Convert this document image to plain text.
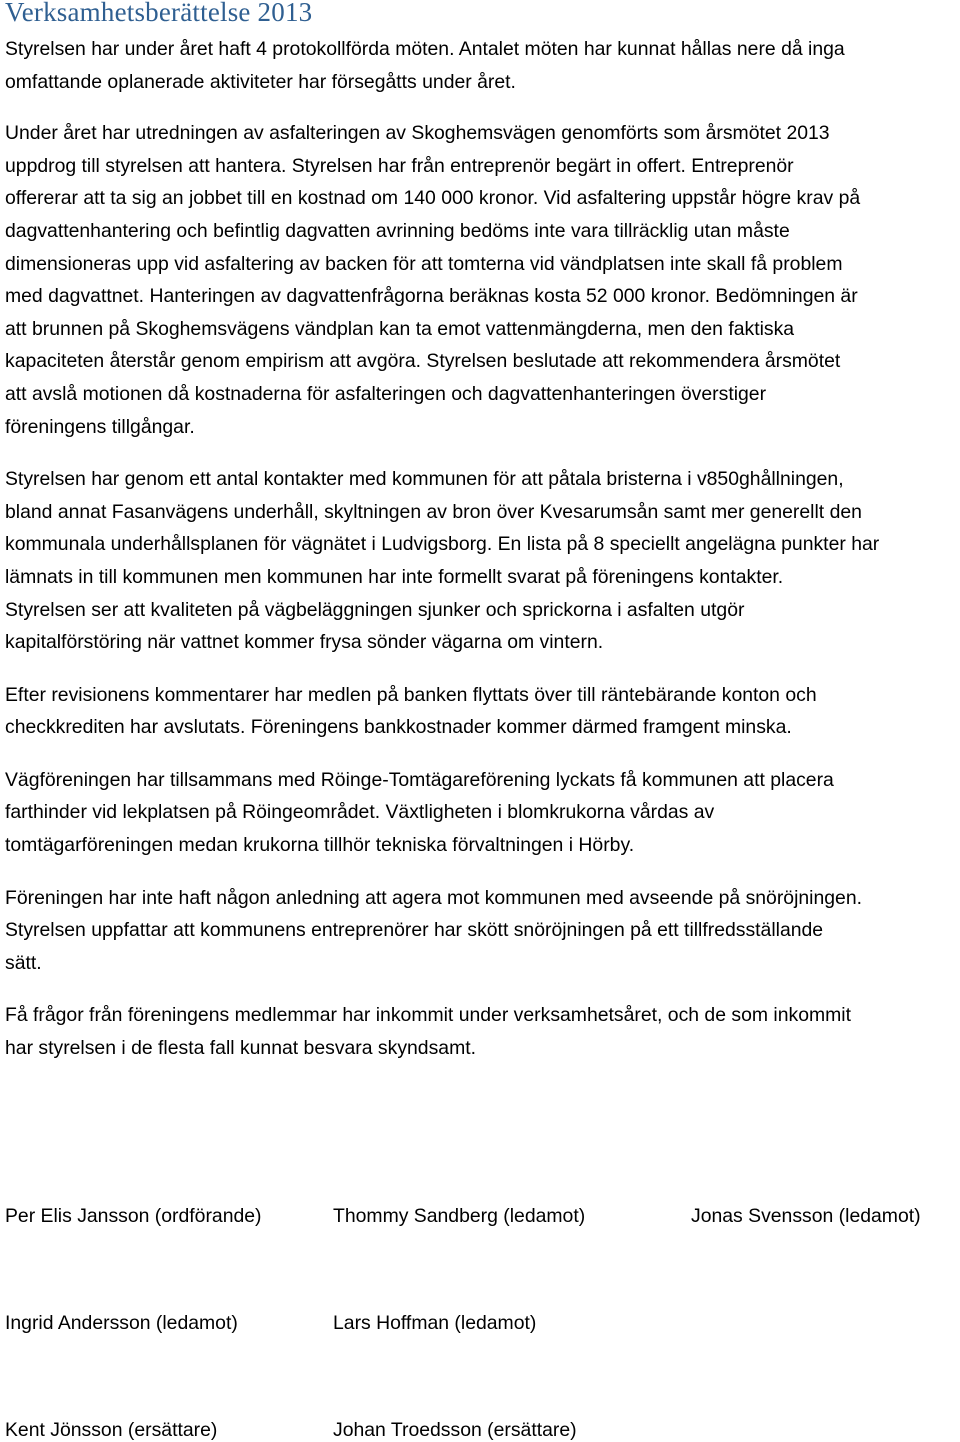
Verksamhetsberättelse 2013

Styrelsen har under året haft 4 protokollförda möten. Antalet möten har kunnat hållas nere då inga
omfattande oplanerade aktiviteter har försegåtts under året.

Under året har utredningen av asfalteringen av Skoghemsvägen genomförts som årsmötet 2013
uppdrog till styrelsen att hantera. Styrelsen har från entreprenör begärt in offert. Entreprenör
offererar att ta sig an jobbet till en kostnad om 140 000 kronor. Vid asfaltering uppstår högre krav på
dagvattenhantering och befintlig dagvatten avrinning bedöms inte vara tillräcklig utan måste
dimensioneras upp vid asfaltering av backen för att tomterna vid vändplatsen inte skall få problem
med dagvattnet. Hanteringen av dagvattenfrågorna beräknas kosta 52 000 kronor. Bedömningen är
att brunnen på Skoghemsvägens vändplan kan ta emot vattenmängderna, men den faktiska
kapaciteten återstår genom empirism att avgöra. Styrelsen beslutade att rekommendera årsmötet
att avslå motionen då kostnaderna för asfalteringen och dagvattenhanteringen överstiger
föreningens tillgångar.

Styrelsen har genom ett antal kontakter med kommunen för att påtala bristerna i v850ghållningen,
bland annat Fasanvägens underhåll, skyltningen av bron över Kvesarumsån samt mer generellt den
kommunala underhållsplanen för vägnätet i Ludvigsborg. En lista på 8 speciellt angelägna punkter har
lämnats in till kommunen men kommunen har inte formellt svarat på föreningens kontakter.
Styrelsen ser att kvaliteten på vägbeläggningen sjunker och sprickorna i asfalten utgör
kapitalförstöring när vattnet kommer frysa sönder vägarna om vintern.

Efter revisionens kommentarer har medlen på banken flyttats över till räntebärande konton och
checkkrediten har avslutats. Föreningens bankkostnader kommer därmed framgent minska.

Vägföreningen har tillsammans med Röinge-Tomtägareförening lyckats få kommunen att placera
farthinder vid lekplatsen på Röingeområdet. Växtligheten i blomkrukorna vårdas av
tomtägarföreningen medan krukorna tillhör tekniska förvaltningen i Hörby.

Föreningen har inte haft någon anledning att agera mot kommunen med avseende på snöröjningen.
Styrelsen uppfattar att kommunens entreprenörer har skött snöröjningen på ett tillfredsställande
sätt.

Få frågor från föreningens medlemmar har inkommit under verksamhetsåret, och de som inkommit
har styrelsen i de flesta fall kunnat besvara skyndsamt.

Per Elis Jansson (ordförande)	Thommy Sandberg (ledamot)	Jonas Svensson (ledamot)
Ingrid Andersson (ledamot)	Lars Hoffman (ledamot)
Kent Jönsson (ersättare)	Johan Troedsson (ersättare)
